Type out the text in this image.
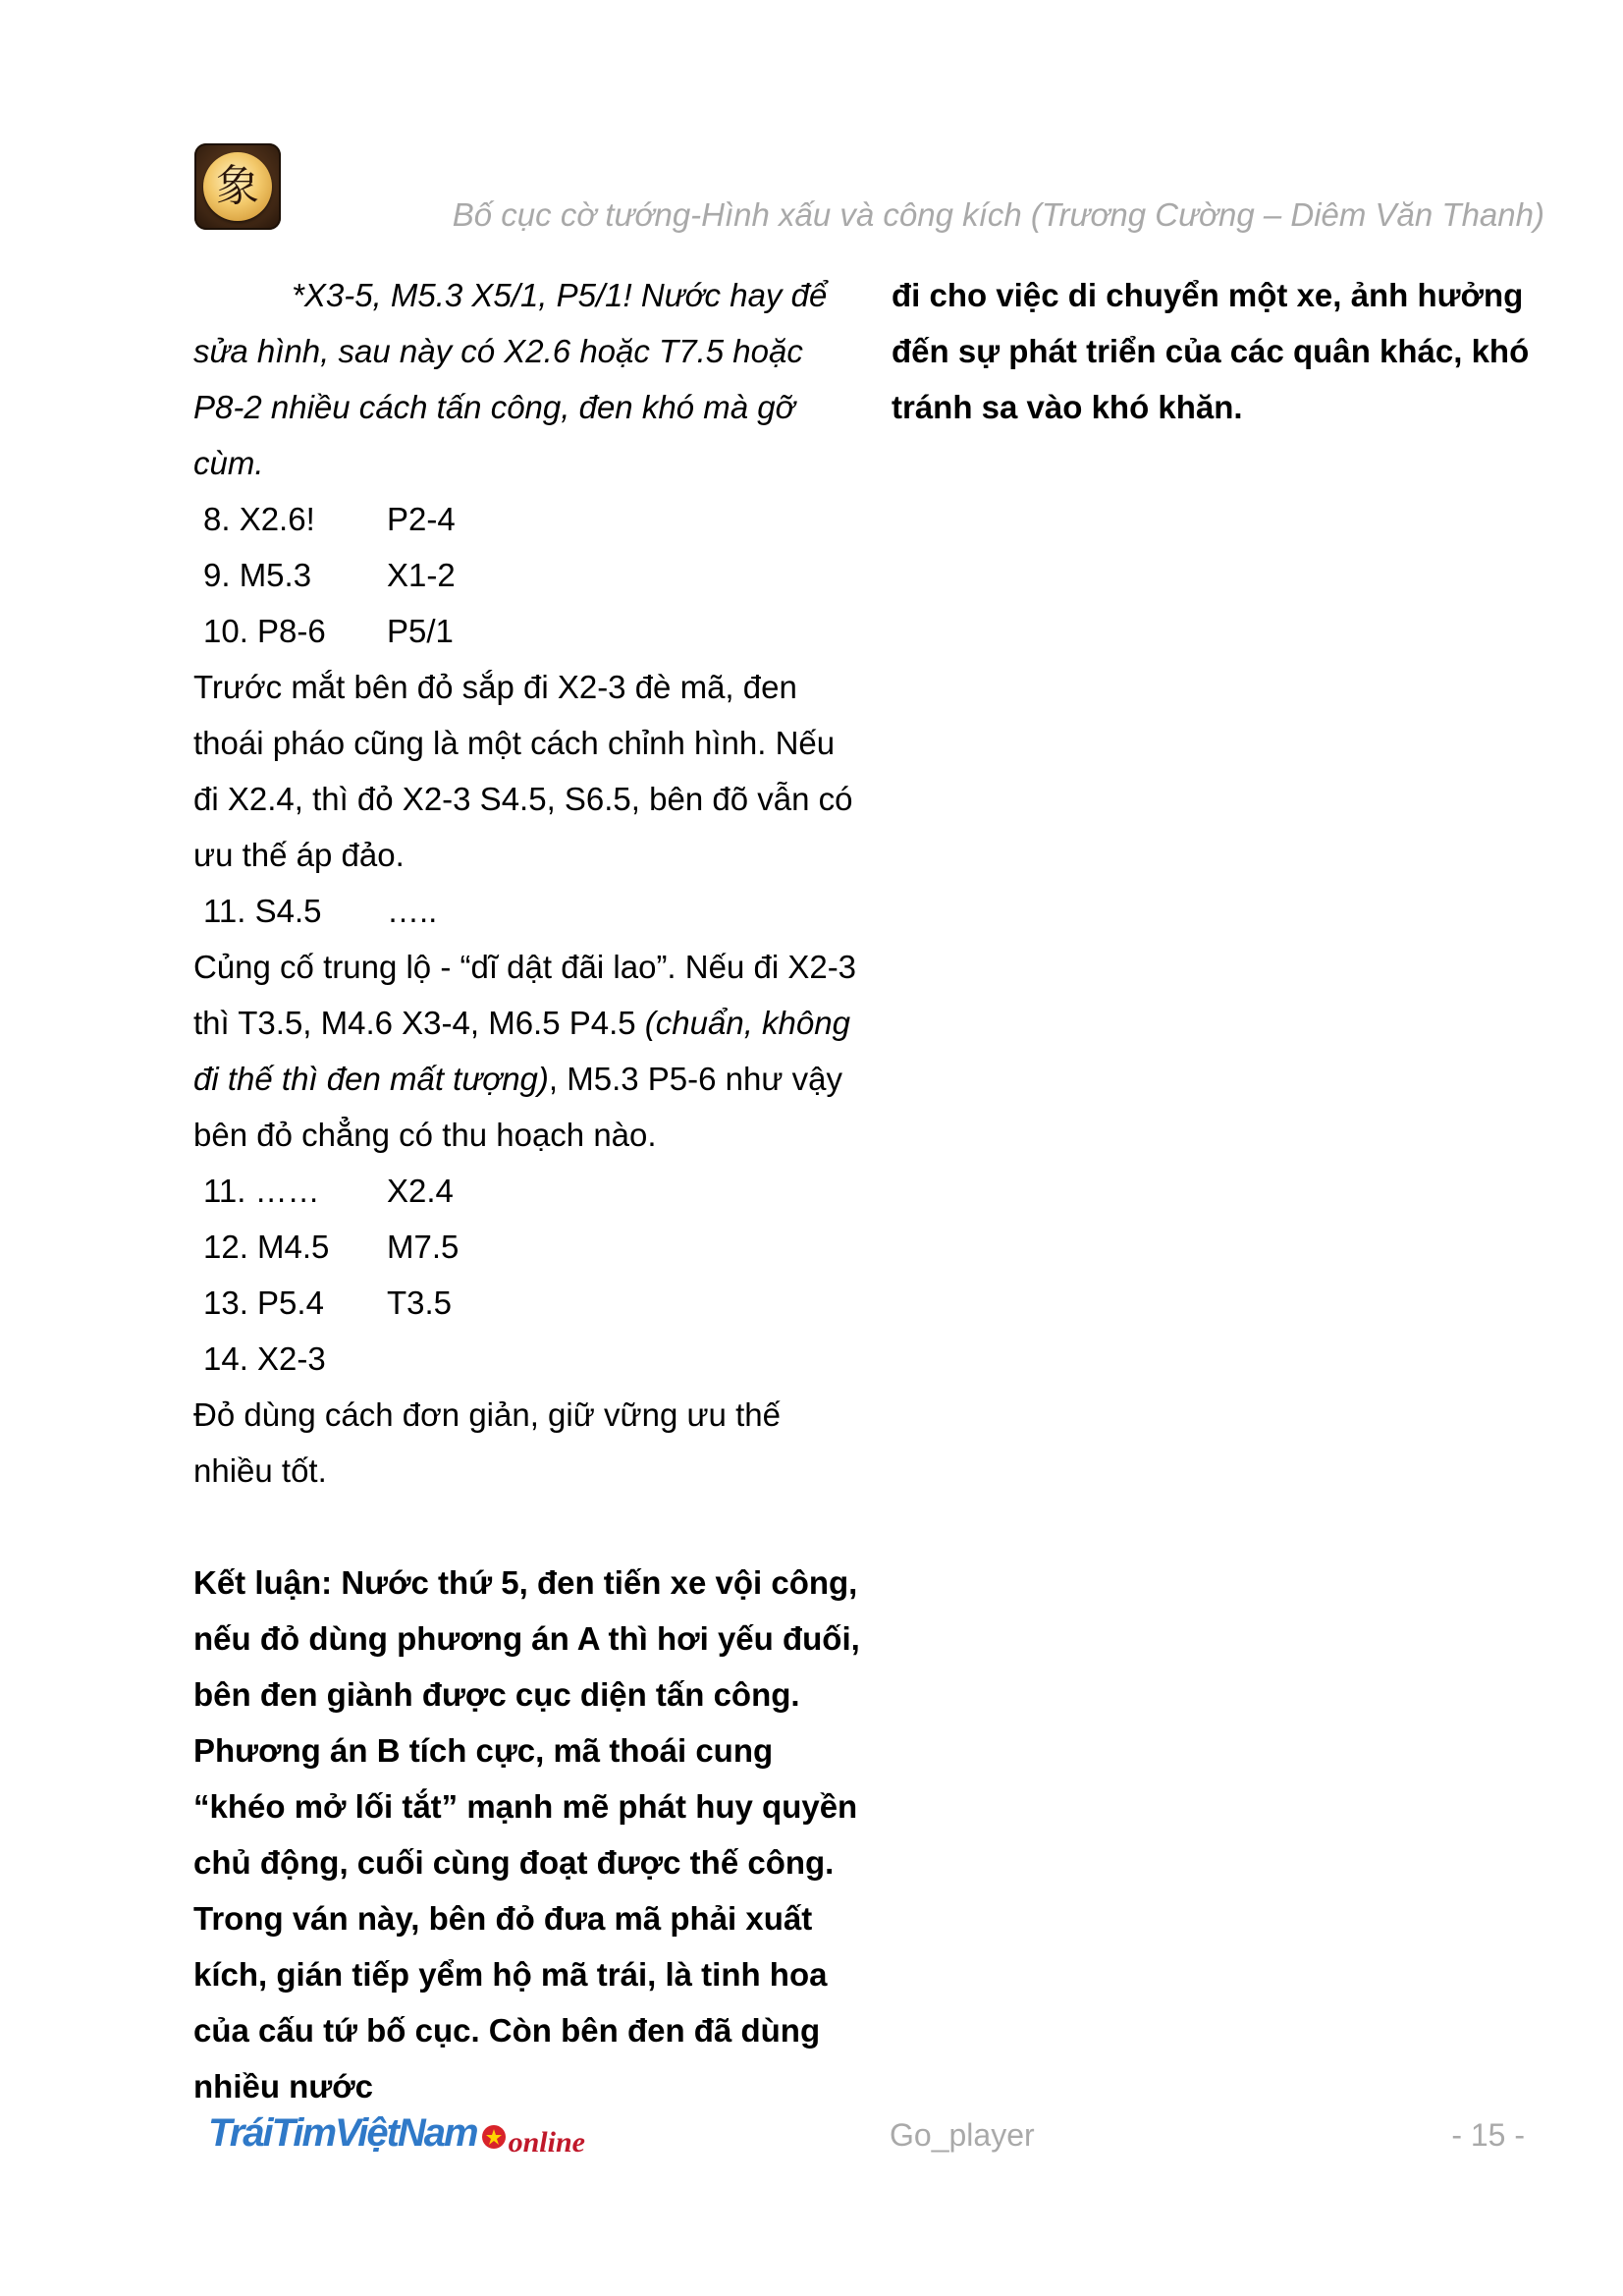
象
Bố cục cờ tướng-Hình xấu và công kích (Trương Cường – Diêm Văn Thanh)

*X3-5, M5.3 X5/1, P5/1! Nước hay để sửa hình, sau này có X2.6 hoặc T7.5 hoặc P8-2 nhiều cách tấn công, đen khó mà gỡ cùm.

8. X2.6!	P2-4
9. M5.3	X1-2
10. P8-6	P5/1

Trước mắt bên đỏ sắp đi X2-3 đè mã, đen thoái pháo cũng là một cách chỉnh hình. Nếu đi X2.4, thì đỏ X2-3 S4.5, S6.5, bên đõ vẫn có ưu thế áp đảo.

11. S4.5	…..

Củng cố trung lộ - “dĩ dật đãi lao”. Nếu đi X2-3 thì T3.5, M4.6 X3-4, M6.5 P4.5 (chuẩn, không đi thế thì đen mất tượng), M5.3 P5-6 như vậy bên đỏ chẳng có thu hoạch nào.

11. ……	X2.4
12. M4.5	M7.5
13. P5.4	T3.5
14. X2-3

Đỏ dùng cách đơn giản, giữ vững ưu thế nhiều tốt.

Kết luận: Nước thứ 5, đen tiến xe vội công, nếu đỏ dùng phương án A thì hơi yếu đuối, bên đen giành được cục diện tấn công. Phương án B tích cực, mã thoái cung “khéo mở lối tắt” mạnh mẽ phát huy quyền chủ động, cuối cùng đoạt được thế công.

Trong ván này, bên đỏ đưa mã phải xuất kích, gián tiếp yểm hộ mã trái, là tinh hoa của cấu tứ bố cục. Còn bên đen đã dùng nhiều nước

đi cho việc di chuyển một xe, ảnh hưởng đến sự phát triển của các quân khác, khó tránh sa vào khó khăn.

TráiTimViệtNam online	Go_player	- 15 -
